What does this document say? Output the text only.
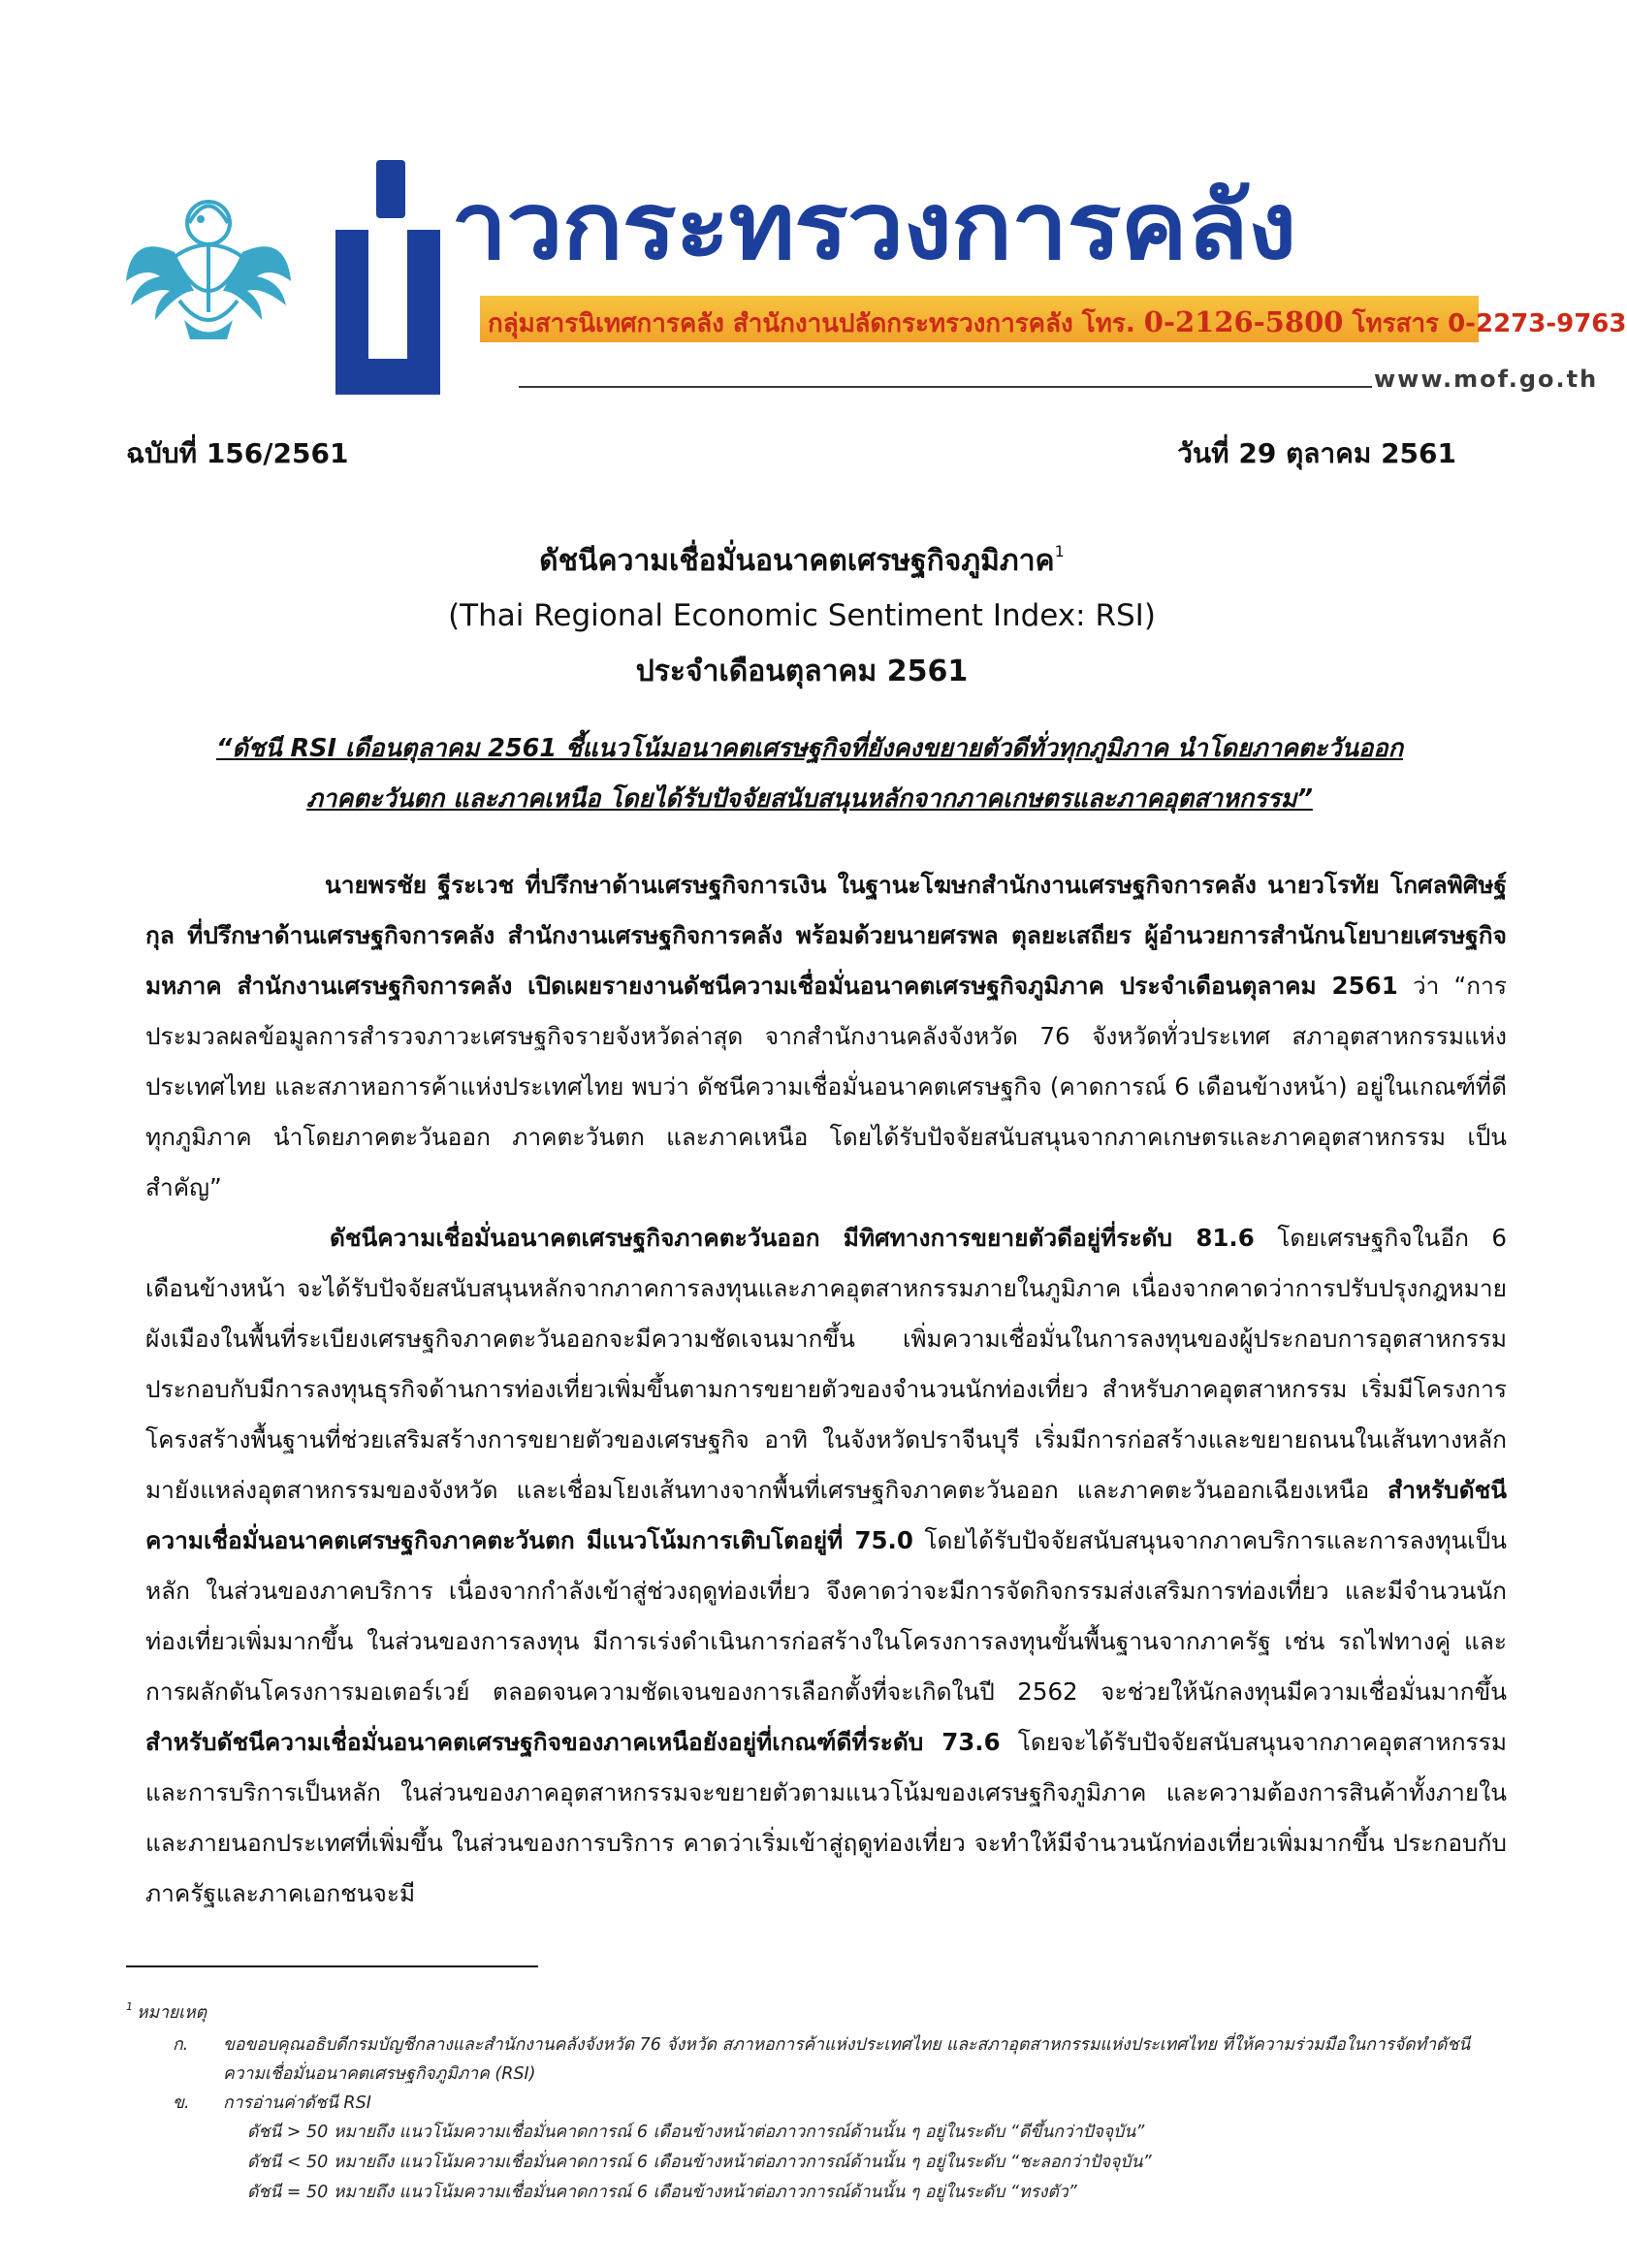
าวกระทรวงการคลัง
กลุ่มสารนิเทศการคลัง สำนักงานปลัดกระทรวงการคลัง โทร. 0-2126-5800 โทรสาร 0-2273-9763
www.mof.go.th
ฉบับที่ 156/2561	วันที่ 29 ตุลาคม 2561
ดัชนีความเชื่อมั่นอนาคตเศรษฐกิจภูมิภาค$^1$
(Thai Regional Economic Sentiment Index: RSI)
ประจำเดือนตุลาคม 2561
“ดัชนี RSI เดือนตุลาคม 2561 ชี้แนวโน้มอนาคตเศรษฐกิจที่ยังคงขยายตัวดีทั่วทุกภูมิภาค นำโดยภาคตะวันออก
ภาคตะวันตก และภาคเหนือ โดยได้รับปัจจัยสนับสนุนหลักจากภาคเกษตรและภาคอุตสาหกรรม”

นายพรชัย ฐีระเวช ที่ปรึกษาด้านเศรษฐกิจการเงิน ในฐานะโฆษกสำนักงานเศรษฐกิจการคลัง นายวโรทัย โกศลพิศิษฐ์กุล ที่ปรึกษาด้านเศรษฐกิจการคลัง สำนักงานเศรษฐกิจการคลัง พร้อมด้วยนายศรพล ตุลยะเสถียร ผู้อำนวยการสำนักนโยบายเศรษฐกิจมหภาค สำนักงานเศรษฐกิจการคลัง เปิดเผยรายงานดัชนีความเชื่อมั่นอนาคตเศรษฐกิจภูมิภาค ประจำเดือนตุลาคม 2561 ว่า “การประมวลผลข้อมูลการสำรวจภาวะเศรษฐกิจรายจังหวัดล่าสุด จากสำนักงานคลังจังหวัด 76 จังหวัดทั่วประเทศ สภาอุตสาหกรรมแห่งประเทศไทย และสภาหอการค้าแห่งประเทศไทย พบว่า ดัชนีความเชื่อมั่นอนาคตเศรษฐกิจ (คาดการณ์ 6 เดือนข้างหน้า) อยู่ในเกณฑ์ที่ดีทุกภูมิภาค นำโดยภาคตะวันออก ภาคตะวันตก และภาคเหนือ โดยได้รับปัจจัยสนับสนุนจากภาคเกษตรและภาคอุตสาหกรรม เป็นสำคัญ”

ดัชนีความเชื่อมั่นอนาคตเศรษฐกิจภาคตะวันออก มีทิศทางการขยายตัวดีอยู่ที่ระดับ 81.6 โดยเศรษฐกิจในอีก 6 เดือนข้างหน้า จะได้รับปัจจัยสนับสนุนหลักจากภาคการลงทุนและภาคอุตสาหกรรมภายในภูมิภาค เนื่องจากคาดว่าการปรับปรุงกฎหมายผังเมืองในพื้นที่ระเบียงเศรษฐกิจภาคตะวันออกจะมีความชัดเจนมากขึ้น เพิ่มความเชื่อมั่นในการลงทุนของผู้ประกอบการอุตสาหกรรม ประกอบกับมีการลงทุนธุรกิจด้านการท่องเที่ยวเพิ่มขึ้นตามการขยายตัวของจำนวนนักท่องเที่ยว สำหรับภาคอุตสาหกรรม เริ่มมีโครงการโครงสร้างพื้นฐานที่ช่วยเสริมสร้างการขยายตัวของเศรษฐกิจ อาทิ ในจังหวัดปราจีนบุรี เริ่มมีการก่อสร้างและขยายถนนในเส้นทางหลักมายังแหล่งอุตสาหกรรมของจังหวัด และเชื่อมโยงเส้นทางจากพื้นที่เศรษฐกิจภาคตะวันออก และภาคตะวันออกเฉียงเหนือ สำหรับดัชนีความเชื่อมั่นอนาคตเศรษฐกิจภาคตะวันตก มีแนวโน้มการเติบโตอยู่ที่ 75.0 โดยได้รับปัจจัยสนับสนุนจากภาคบริการและการลงทุนเป็นหลัก ในส่วนของภาคบริการ เนื่องจากกำลังเข้าสู่ช่วงฤดูท่องเที่ยว จึงคาดว่าจะมีการจัดกิจกรรมส่งเสริมการท่องเที่ยว และมีจำนวนนักท่องเที่ยวเพิ่มมากขึ้น ในส่วนของการลงทุน มีการเร่งดำเนินการก่อสร้างในโครงการลงทุนขั้นพื้นฐานจากภาครัฐ เช่น รถไฟทางคู่ และการผลักดันโครงการมอเตอร์เวย์ ตลอดจนความชัดเจนของการเลือกตั้งที่จะเกิดในปี 2562 จะช่วยให้นักลงทุนมีความเชื่อมั่นมากขึ้น สำหรับดัชนีความเชื่อมั่นอนาคตเศรษฐกิจของภาคเหนือยังอยู่ที่เกณฑ์ดีที่ระดับ 73.6 โดยจะได้รับปัจจัยสนับสนุนจากภาคอุตสาหกรรมและการบริการเป็นหลัก ในส่วนของภาคอุตสาหกรรมจะขยายตัวตามแนวโน้มของเศรษฐกิจภูมิภาค และความต้องการสินค้าทั้งภายในและภายนอกประเทศที่เพิ่มขึ้น ในส่วนของการบริการ คาดว่าเริ่มเข้าสู่ฤดูท่องเที่ยว จะทำให้มีจำนวนนักท่องเที่ยวเพิ่มมากขึ้น ประกอบกับภาครัฐและภาคเอกชนจะมี

$^1$ หมายเหตุ
ก. ขอขอบคุณอธิบดีกรมบัญชีกลางและสำนักงานคลังจังหวัด 76 จังหวัด สภาหอการค้าแห่งประเทศไทย และสภาอุตสาหกรรมแห่งประเทศไทย ที่ให้ความร่วมมือในการจัดทำดัชนีความเชื่อมั่นอนาคตเศรษฐกิจภูมิภาค (RSI)
ข. การอ่านค่าดัชนี RSI
ดัชนี > 50 หมายถึง แนวโน้มความเชื่อมั่นคาดการณ์ 6 เดือนข้างหน้าต่อภาวการณ์ด้านนั้น ๆ อยู่ในระดับ “ดีขึ้นกว่าปัจจุบัน”
ดัชนี < 50 หมายถึง แนวโน้มความเชื่อมั่นคาดการณ์ 6 เดือนข้างหน้าต่อภาวการณ์ด้านนั้น ๆ อยู่ในระดับ “ชะลอกว่าปัจจุบัน”
ดัชนี = 50 หมายถึง แนวโน้มความเชื่อมั่นคาดการณ์ 6 เดือนข้างหน้าต่อภาวการณ์ด้านนั้น ๆ อยู่ในระดับ “ทรงตัว”
